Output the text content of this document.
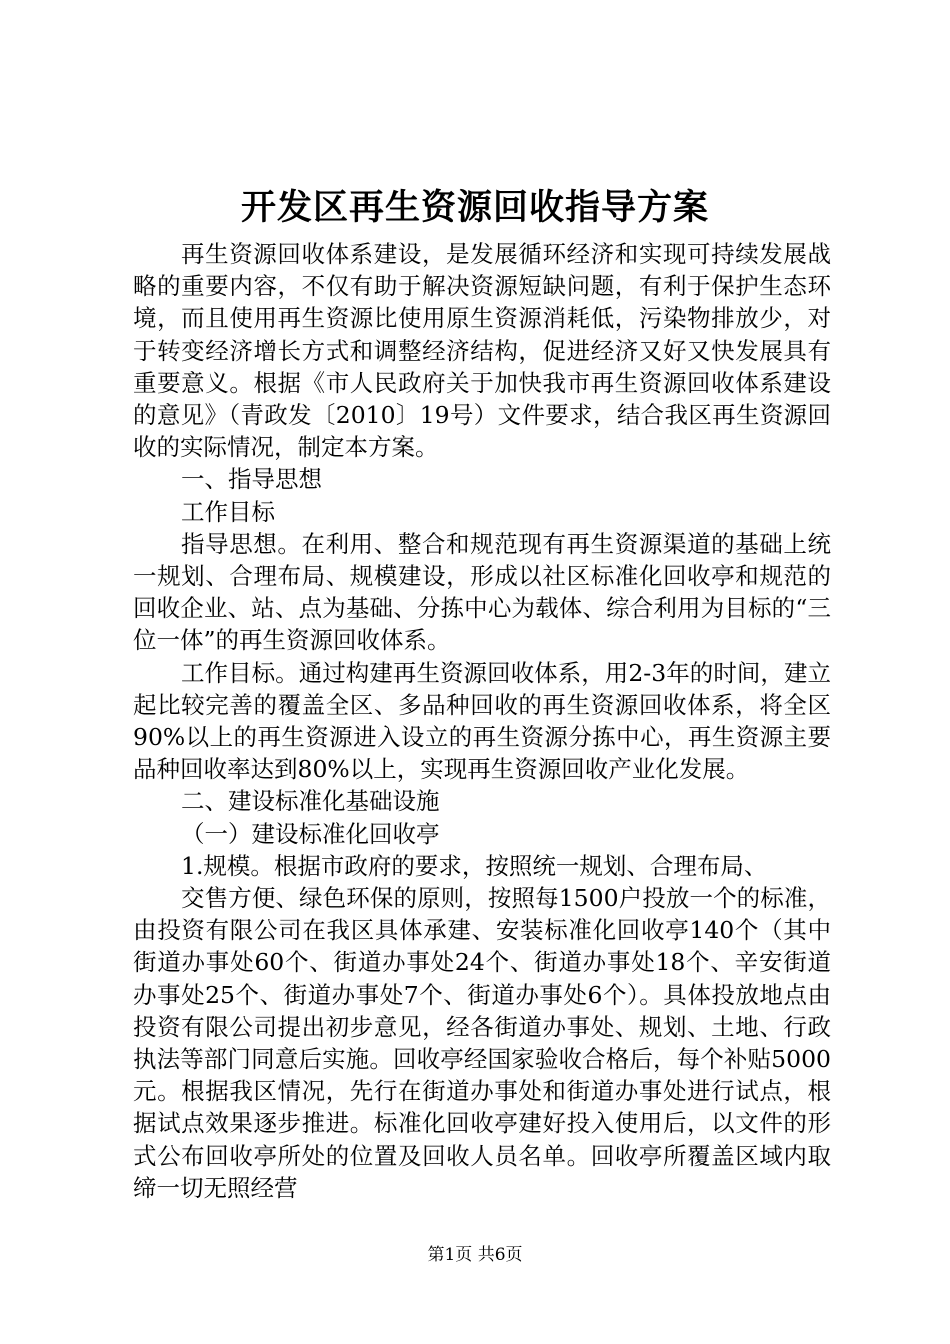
开发区再生资源回收指导方案

再生资源回收体系建设，是发展循环经济和实现可持续发展战略的重要内容，不仅有助于解决资源短缺问题，有利于保护生态环境，而且使用再生资源比使用原生资源消耗低，污染物排放少，对于转变经济增长方式和调整经济结构，促进经济又好又快发展具有重要意义。根据《市人民政府关于加快我市再生资源回收体系建设的意见》（青政发〔2010〕19号）文件要求，结合我区再生资源回收的实际情况，制定本方案。

一、指导思想

工作目标

指导思想。在利用、整合和规范现有再生资源渠道的基础上统一规划、合理布局、规模建设，形成以社区标准化回收亭和规范的回收企业、站、点为基础、分拣中心为载体、综合利用为目标的“三位一体”的再生资源回收体系。

工作目标。通过构建再生资源回收体系，用2-3年的时间，建立起比较完善的覆盖全区、多品种回收的再生资源回收体系，将全区90%以上的再生资源进入设立的再生资源分拣中心，再生资源主要品种回收率达到80%以上，实现再生资源回收产业化发展。

二、建设标准化基础设施

（一）建设标准化回收亭

1.规模。根据市政府的要求，按照统一规划、合理布局、

交售方便、绿色环保的原则，按照每1500户投放一个的标准，由投资有限公司在我区具体承建、安装标准化回收亭140个（其中街道办事处60个、街道办事处24个、街道办事处18个、辛安街道办事处25个、街道办事处7个、街道办事处6个）。具体投放地点由投资有限公司提出初步意见，经各街道办事处、规划、土地、行政执法等部门同意后实施。回收亭经国家验收合格后，每个补贴5000元。根据我区情况，先行在街道办事处和街道办事处进行试点，根据试点效果逐步推进。标准化回收亭建好投入使用后，以文件的形式公布回收亭所处的位置及回收人员名单。回收亭所覆盖区域内取缔一切无照经营

第1页 共6页
